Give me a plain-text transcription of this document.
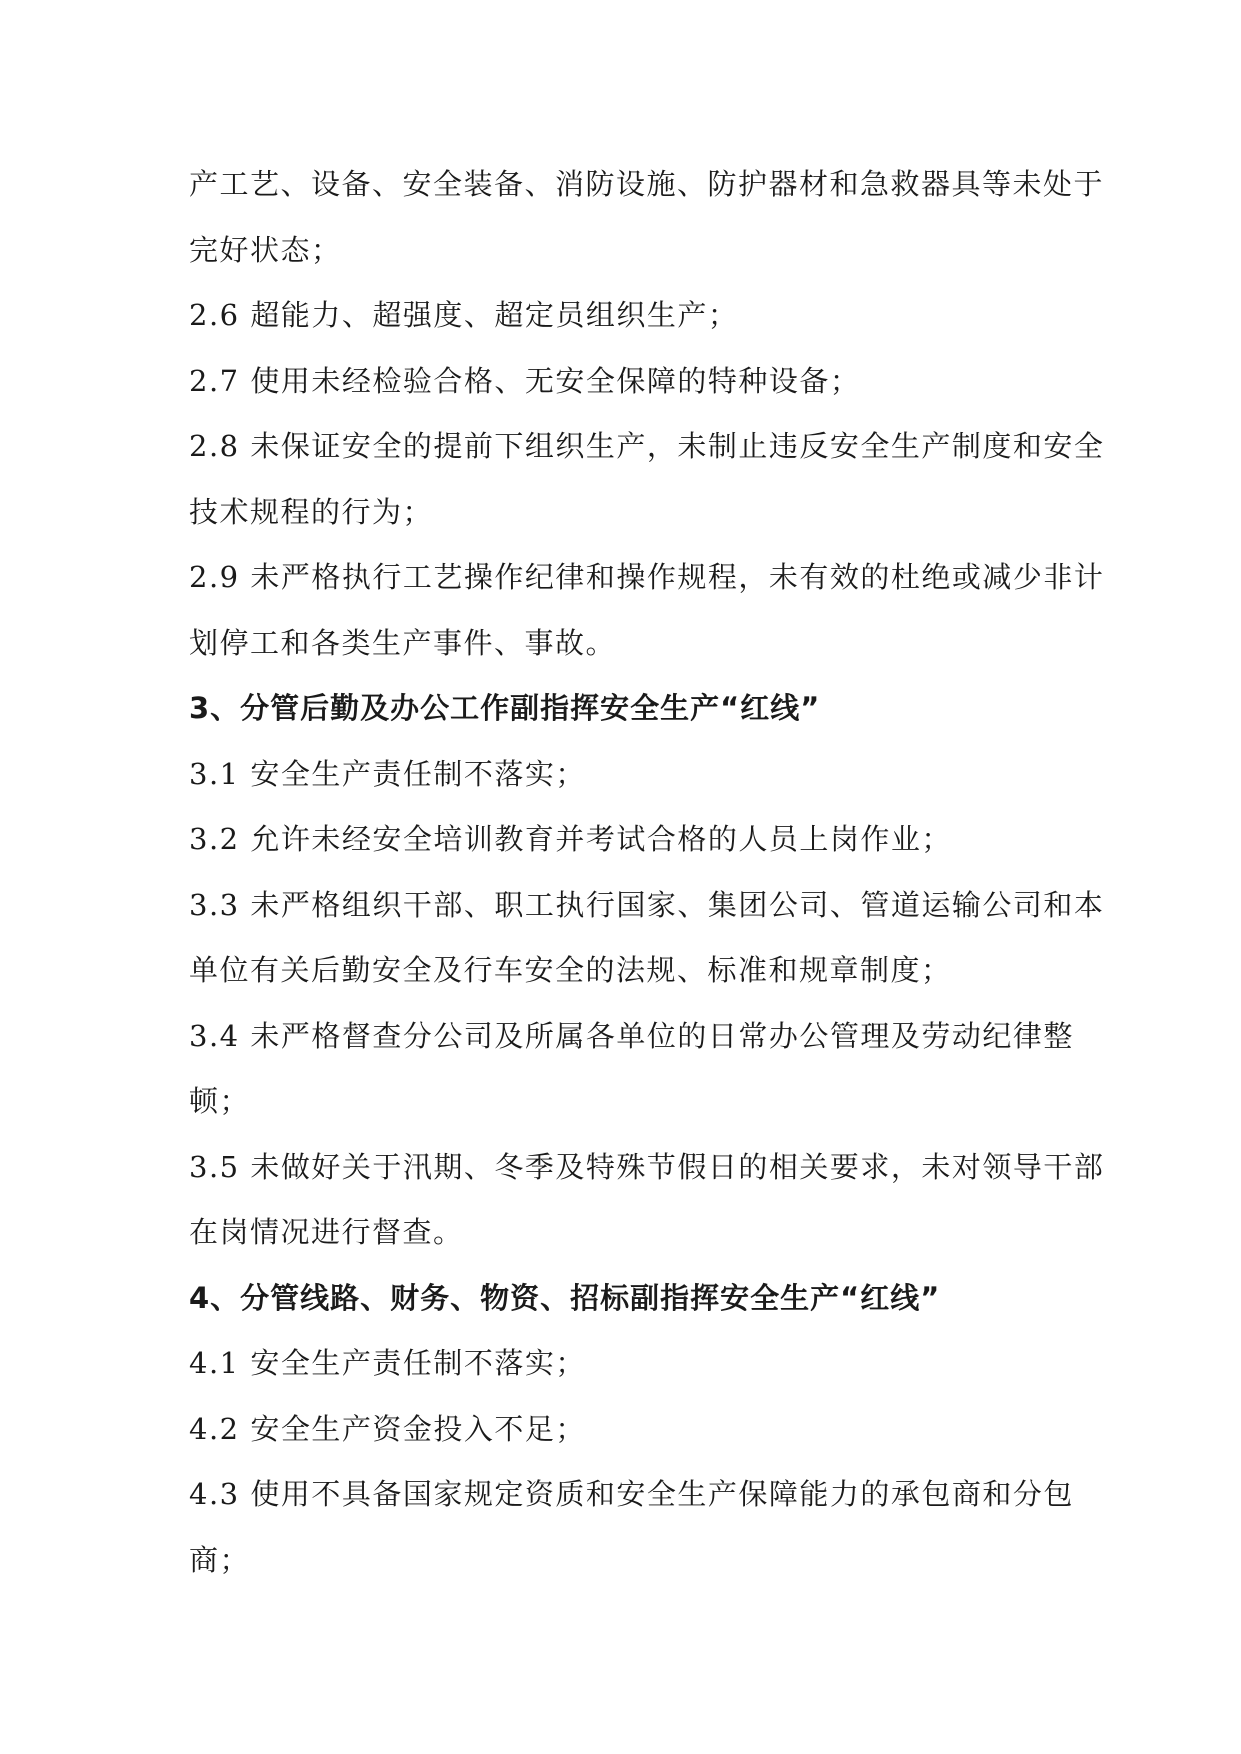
产工艺、设备、安全装备、消防设施、防护器材和急救器具等未处于
完好状态；
2.6 超能力、超强度、超定员组织生产；
2.7 使用未经检验合格、无安全保障的特种设备；
2.8 未保证安全的提前下组织生产，未制止违反安全生产制度和安全
技术规程的行为；
2.9 未严格执行工艺操作纪律和操作规程，未有效的杜绝或减少非计
划停工和各类生产事件、事故。
3、分管后勤及办公工作副指挥安全生产“红线”
3.1 安全生产责任制不落实；
3.2 允许未经安全培训教育并考试合格的人员上岗作业；
3.3 未严格组织干部、职工执行国家、集团公司、管道运输公司和本
单位有关后勤安全及行车安全的法规、标准和规章制度；
3.4 未严格督查分公司及所属各单位的日常办公管理及劳动纪律整
顿；
3.5 未做好关于汛期、冬季及特殊节假日的相关要求，未对领导干部
在岗情况进行督查。
4、分管线路、财务、物资、招标副指挥安全生产“红线”
4.1 安全生产责任制不落实；
4.2 安全生产资金投入不足；
4.3 使用不具备国家规定资质和安全生产保障能力的承包商和分包
商；
